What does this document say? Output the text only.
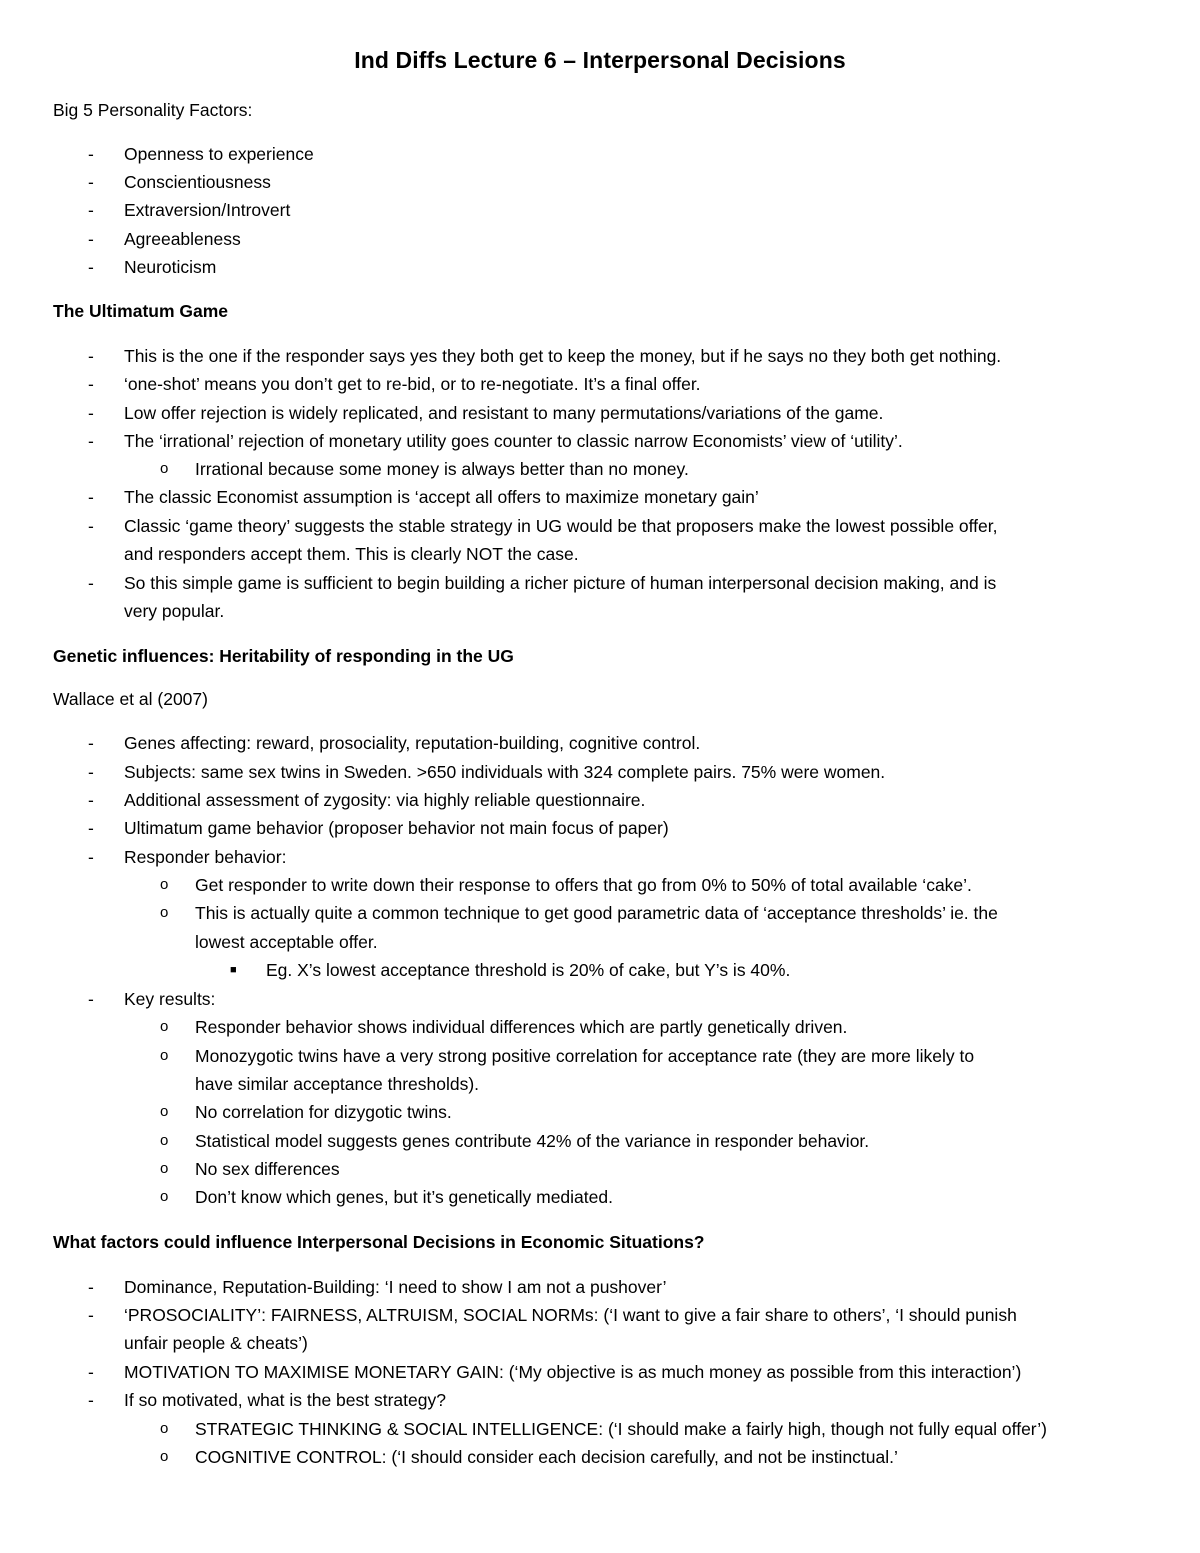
Ind Diffs Lecture 6 – Interpersonal Decisions
Big 5 Personality Factors:
- Openness to experience
- Conscientiousness
- Extraversion/Introvert
- Agreeableness
- Neuroticism
The Ultimatum Game
- This is the one if the responder says yes they both get to keep the money, but if he says no they both get nothing.
- ‘one-shot’ means you don’t get to re-bid, or to re-negotiate. It’s a final offer.
- Low offer rejection is widely replicated, and resistant to many permutations/variations of the game.
- The ‘irrational’ rejection of monetary utility goes counter to classic narrow Economists’ view of ‘utility’.
o Irrational because some money is always better than no money.
- The classic Economist assumption is ‘accept all offers to maximize monetary gain’
- Classic ‘game theory’ suggests the stable strategy in UG would be that proposers make the lowest possible offer,
and responders accept them. This is clearly NOT the case.
- So this simple game is sufficient to begin building a richer picture of human interpersonal decision making, and is
very popular.
Genetic influences: Heritability of responding in the UG
Wallace et al (2007)
- Genes affecting: reward, prosociality, reputation-building, cognitive control.
- Subjects: same sex twins in Sweden. >650 individuals with 324 complete pairs. 75% were women.
- Additional assessment of zygosity: via highly reliable questionnaire.
- Ultimatum game behavior (proposer behavior not main focus of paper)
- Responder behavior:
o Get responder to write down their response to offers that go from 0% to 50% of total available ‘cake’.
o This is actually quite a common technique to get good parametric data of ‘acceptance thresholds’ ie. the
lowest acceptable offer.
■ Eg. X’s lowest acceptance threshold is 20% of cake, but Y’s is 40%.
- Key results:
o Responder behavior shows individual differences which are partly genetically driven.
o Monozygotic twins have a very strong positive correlation for acceptance rate (they are more likely to
have similar acceptance thresholds).
o No correlation for dizygotic twins.
o Statistical model suggests genes contribute 42% of the variance in responder behavior.
o No sex differences
o Don’t know which genes, but it’s genetically mediated.
What factors could influence Interpersonal Decisions in Economic Situations?
- Dominance, Reputation-Building: ‘I need to show I am not a pushover’
- ‘PROSOCIALITY’: FAIRNESS, ALTRUISM, SOCIAL NORMs: (‘I want to give a fair share to others’, ‘I should punish
unfair people & cheats’)
- MOTIVATION TO MAXIMISE MONETARY GAIN: (‘My objective is as much money as possible from this interaction’)
- If so motivated, what is the best strategy?
o STRATEGIC THINKING & SOCIAL INTELLIGENCE: (‘I should make a fairly high, though not fully equal offer’)
o COGNITIVE CONTROL: (‘I should consider each decision carefully, and not be instinctual.’
